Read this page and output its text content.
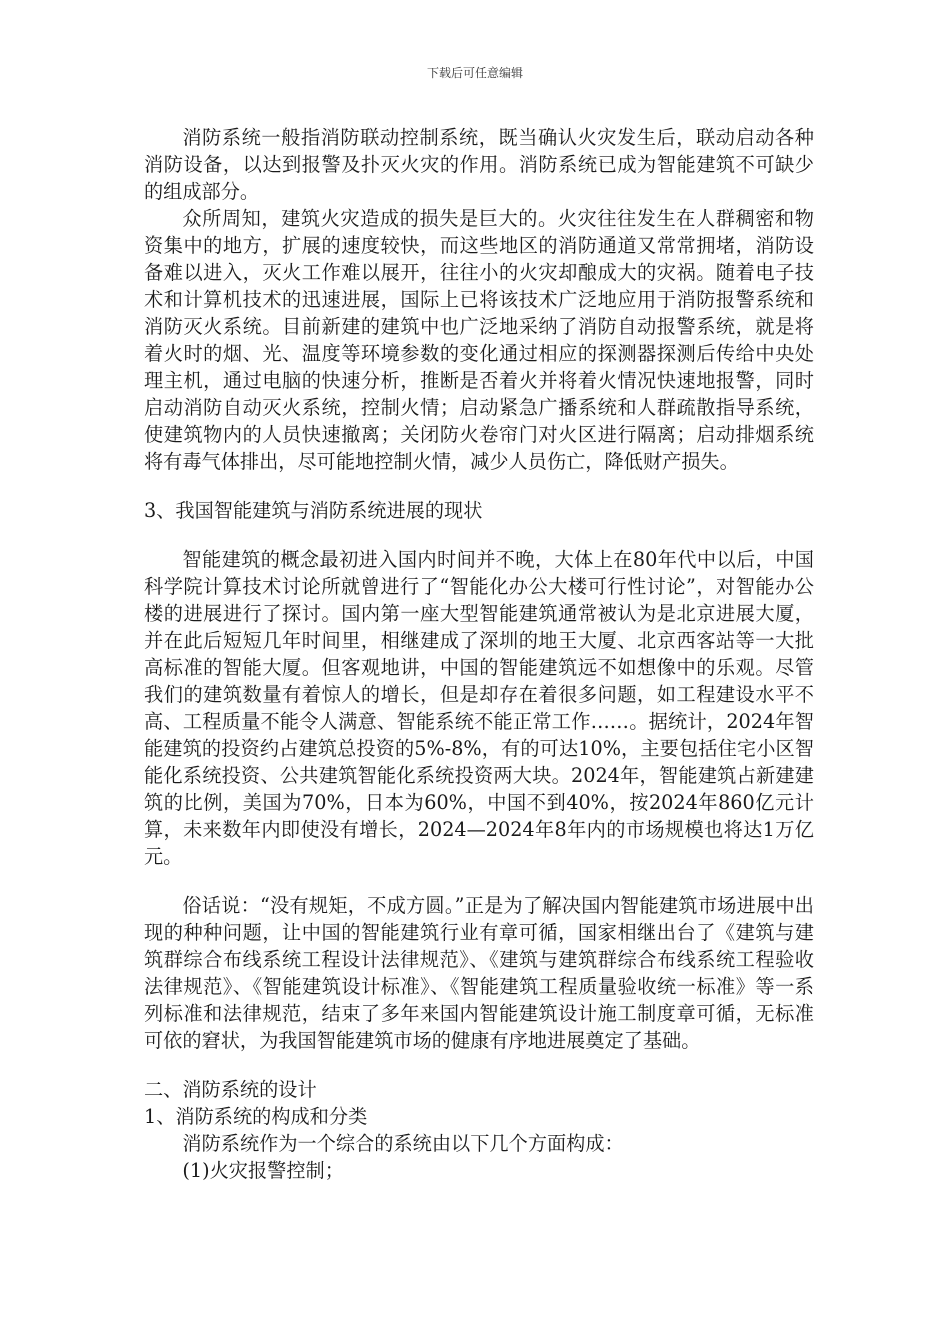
下载后可任意编辑

消防系统一般指消防联动控制系统，既当确认火灾发生后，联动启动各种消防设备，以达到报警及扑灭火灾的作用。消防系统已成为智能建筑不可缺少的组成部分。

众所周知，建筑火灾造成的损失是巨大的。火灾往往发生在人群稠密和物资集中的地方，扩展的速度较快，而这些地区的消防通道又常常拥堵，消防设备难以进入，灭火工作难以展开，往往小的火灾却酿成大的灾祸。随着电子技术和计算机技术的迅速进展，国际上已将该技术广泛地应用于消防报警系统和消防灭火系统。目前新建的建筑中也广泛地采纳了消防自动报警系统，就是将着火时的烟、光、温度等环境参数的变化通过相应的探测器探测后传给中央处理主机，通过电脑的快速分析，推断是否着火并将着火情况快速地报警，同时启动消防自动灭火系统，控制火情；启动紧急广播系统和人群疏散指导系统，使建筑物内的人员快速撤离；关闭防火卷帘门对火区进行隔离；启动排烟系统将有毒气体排出，尽可能地控制火情，减少人员伤亡，降低财产损失。

3、我国智能建筑与消防系统进展的现状

智能建筑的概念最初进入国内时间并不晚，大体上在80年代中以后，中国科学院计算技术讨论所就曾进行了“智能化办公大楼可行性讨论”，对智能办公楼的进展进行了探讨。国内第一座大型智能建筑通常被认为是北京进展大厦，并在此后短短几年时间里，相继建成了深圳的地王大厦、北京西客站等一大批高标准的智能大厦。但客观地讲，中国的智能建筑远不如想像中的乐观。尽管我们的建筑数量有着惊人的增长，但是却存在着很多问题，如工程建设水平不高、工程质量不能令人满意、智能系统不能正常工作……。据统计，2024年智能建筑的投资约占建筑总投资的5%-8%，有的可达10%，主要包括住宅小区智能化系统投资、公共建筑智能化系统投资两大块。2024年，智能建筑占新建建筑的比例，美国为70%，日本为60%，中国不到40%，按2024年860亿元计算，未来数年内即使没有增长，2024—2024年8年内的市场规模也将达1万亿元。

俗话说：“没有规矩，不成方圆。”正是为了解决国内智能建筑市场进展中出现的种种问题，让中国的智能建筑行业有章可循，国家相继出台了《建筑与建筑群综合布线系统工程设计法律规范》、《建筑与建筑群综合布线系统工程验收法律规范》、《智能建筑设计标准》、《智能建筑工程质量验收统一标准》等一系列标准和法律规范，结束了多年来国内智能建筑设计施工制度章可循，无标准可依的窘状，为我国智能建筑市场的健康有序地进展奠定了基础。

二、消防系统的设计

1、消防系统的构成和分类

消防系统作为一个综合的系统由以下几个方面构成：

(1)火灾报警控制；
